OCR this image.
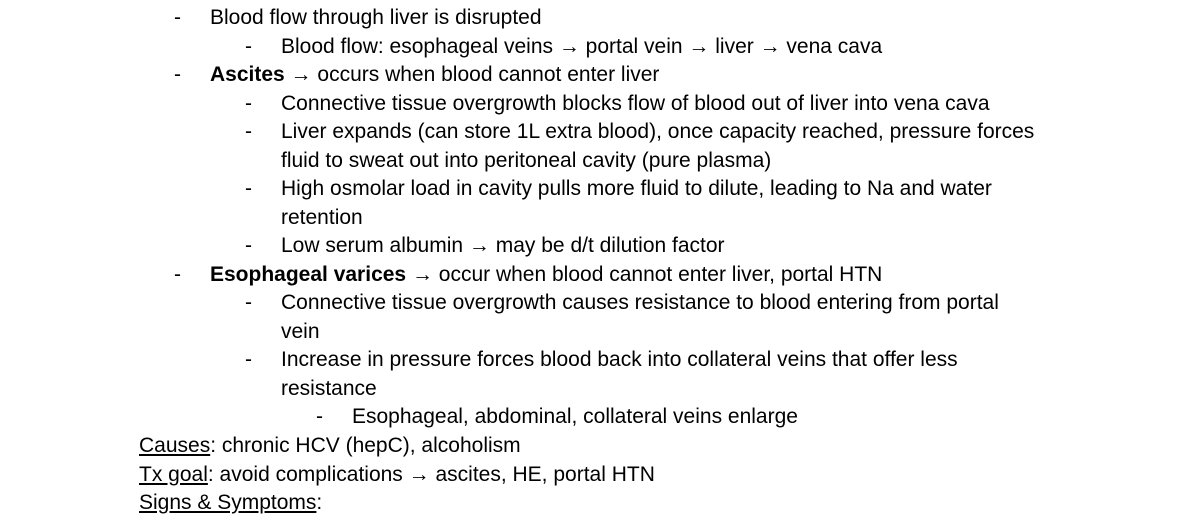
- Blood flow through liver is disrupted
- Blood flow: esophageal veins → portal vein → liver → vena cava
- Ascites → occurs when blood cannot enter liver
- Connective tissue overgrowth blocks flow of blood out of liver into vena cava
- Liver expands (can store 1L extra blood), once capacity reached, pressure forces
fluid to sweat out into peritoneal cavity (pure plasma)
- High osmolar load in cavity pulls more fluid to dilute, leading to Na and water
retention
- Low serum albumin → may be d/t dilution factor
- Esophageal varices → occur when blood cannot enter liver, portal HTN
- Connective tissue overgrowth causes resistance to blood entering from portal
vein
- Increase in pressure forces blood back into collateral veins that offer less
resistance
- Esophageal, abdominal, collateral veins enlarge
Causes: chronic HCV (hepC), alcoholism
Tx goal: avoid complications → ascites, HE, portal HTN
Signs & Symptoms:
